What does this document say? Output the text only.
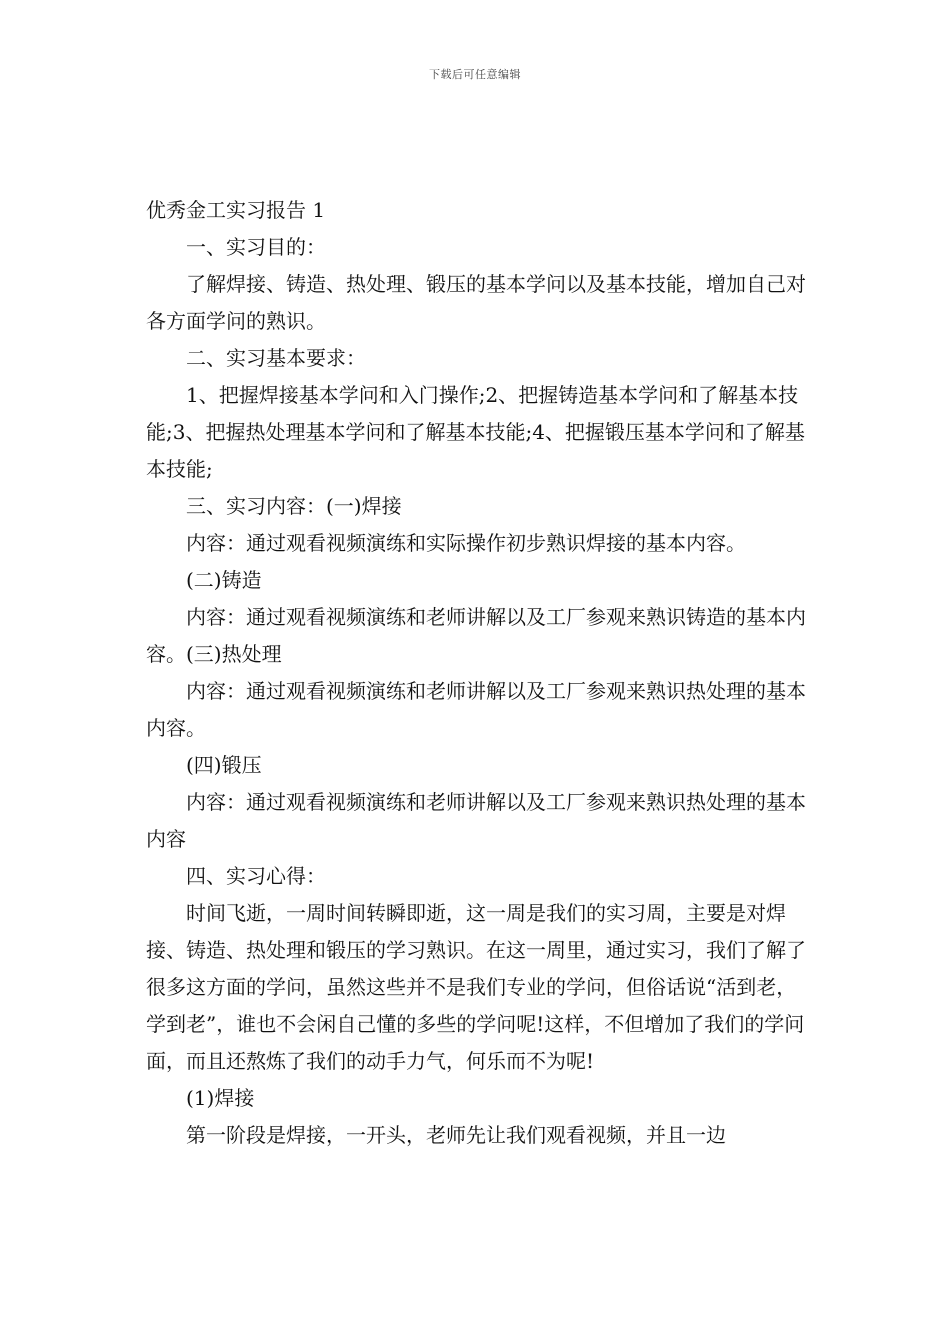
下载后可任意编辑

优秀金工实习报告 1

一、实习目的：

了解焊接、铸造、热处理、锻压的基本学问以及基本技能，增加自己对各方面学问的熟识。

二、实习基本要求：

1、把握焊接基本学问和入门操作;2、把握铸造基本学问和了解基本技能;3、把握热处理基本学问和了解基本技能;4、把握锻压基本学问和了解基本技能;

三、实习内容：(一)焊接

内容：通过观看视频演练和实际操作初步熟识焊接的基本内容。

(二)铸造

内容：通过观看视频演练和老师讲解以及工厂参观来熟识铸造的基本内容。(三)热处理

内容：通过观看视频演练和老师讲解以及工厂参观来熟识热处理的基本内容。

(四)锻压

内容：通过观看视频演练和老师讲解以及工厂参观来熟识热处理的基本内容

四、实习心得：

时间飞逝，一周时间转瞬即逝，这一周是我们的实习周，主要是对焊接、铸造、热处理和锻压的学习熟识。在这一周里，通过实习，我们了解了很多这方面的学问，虽然这些并不是我们专业的学问，但俗话说“活到老，学到老”，谁也不会闲自己懂的多些的学问呢!这样，不但增加了我们的学问面，而且还熬炼了我们的动手力气，何乐而不为呢!

(1)焊接

第一阶段是焊接，一开头，老师先让我们观看视频，并且一边
